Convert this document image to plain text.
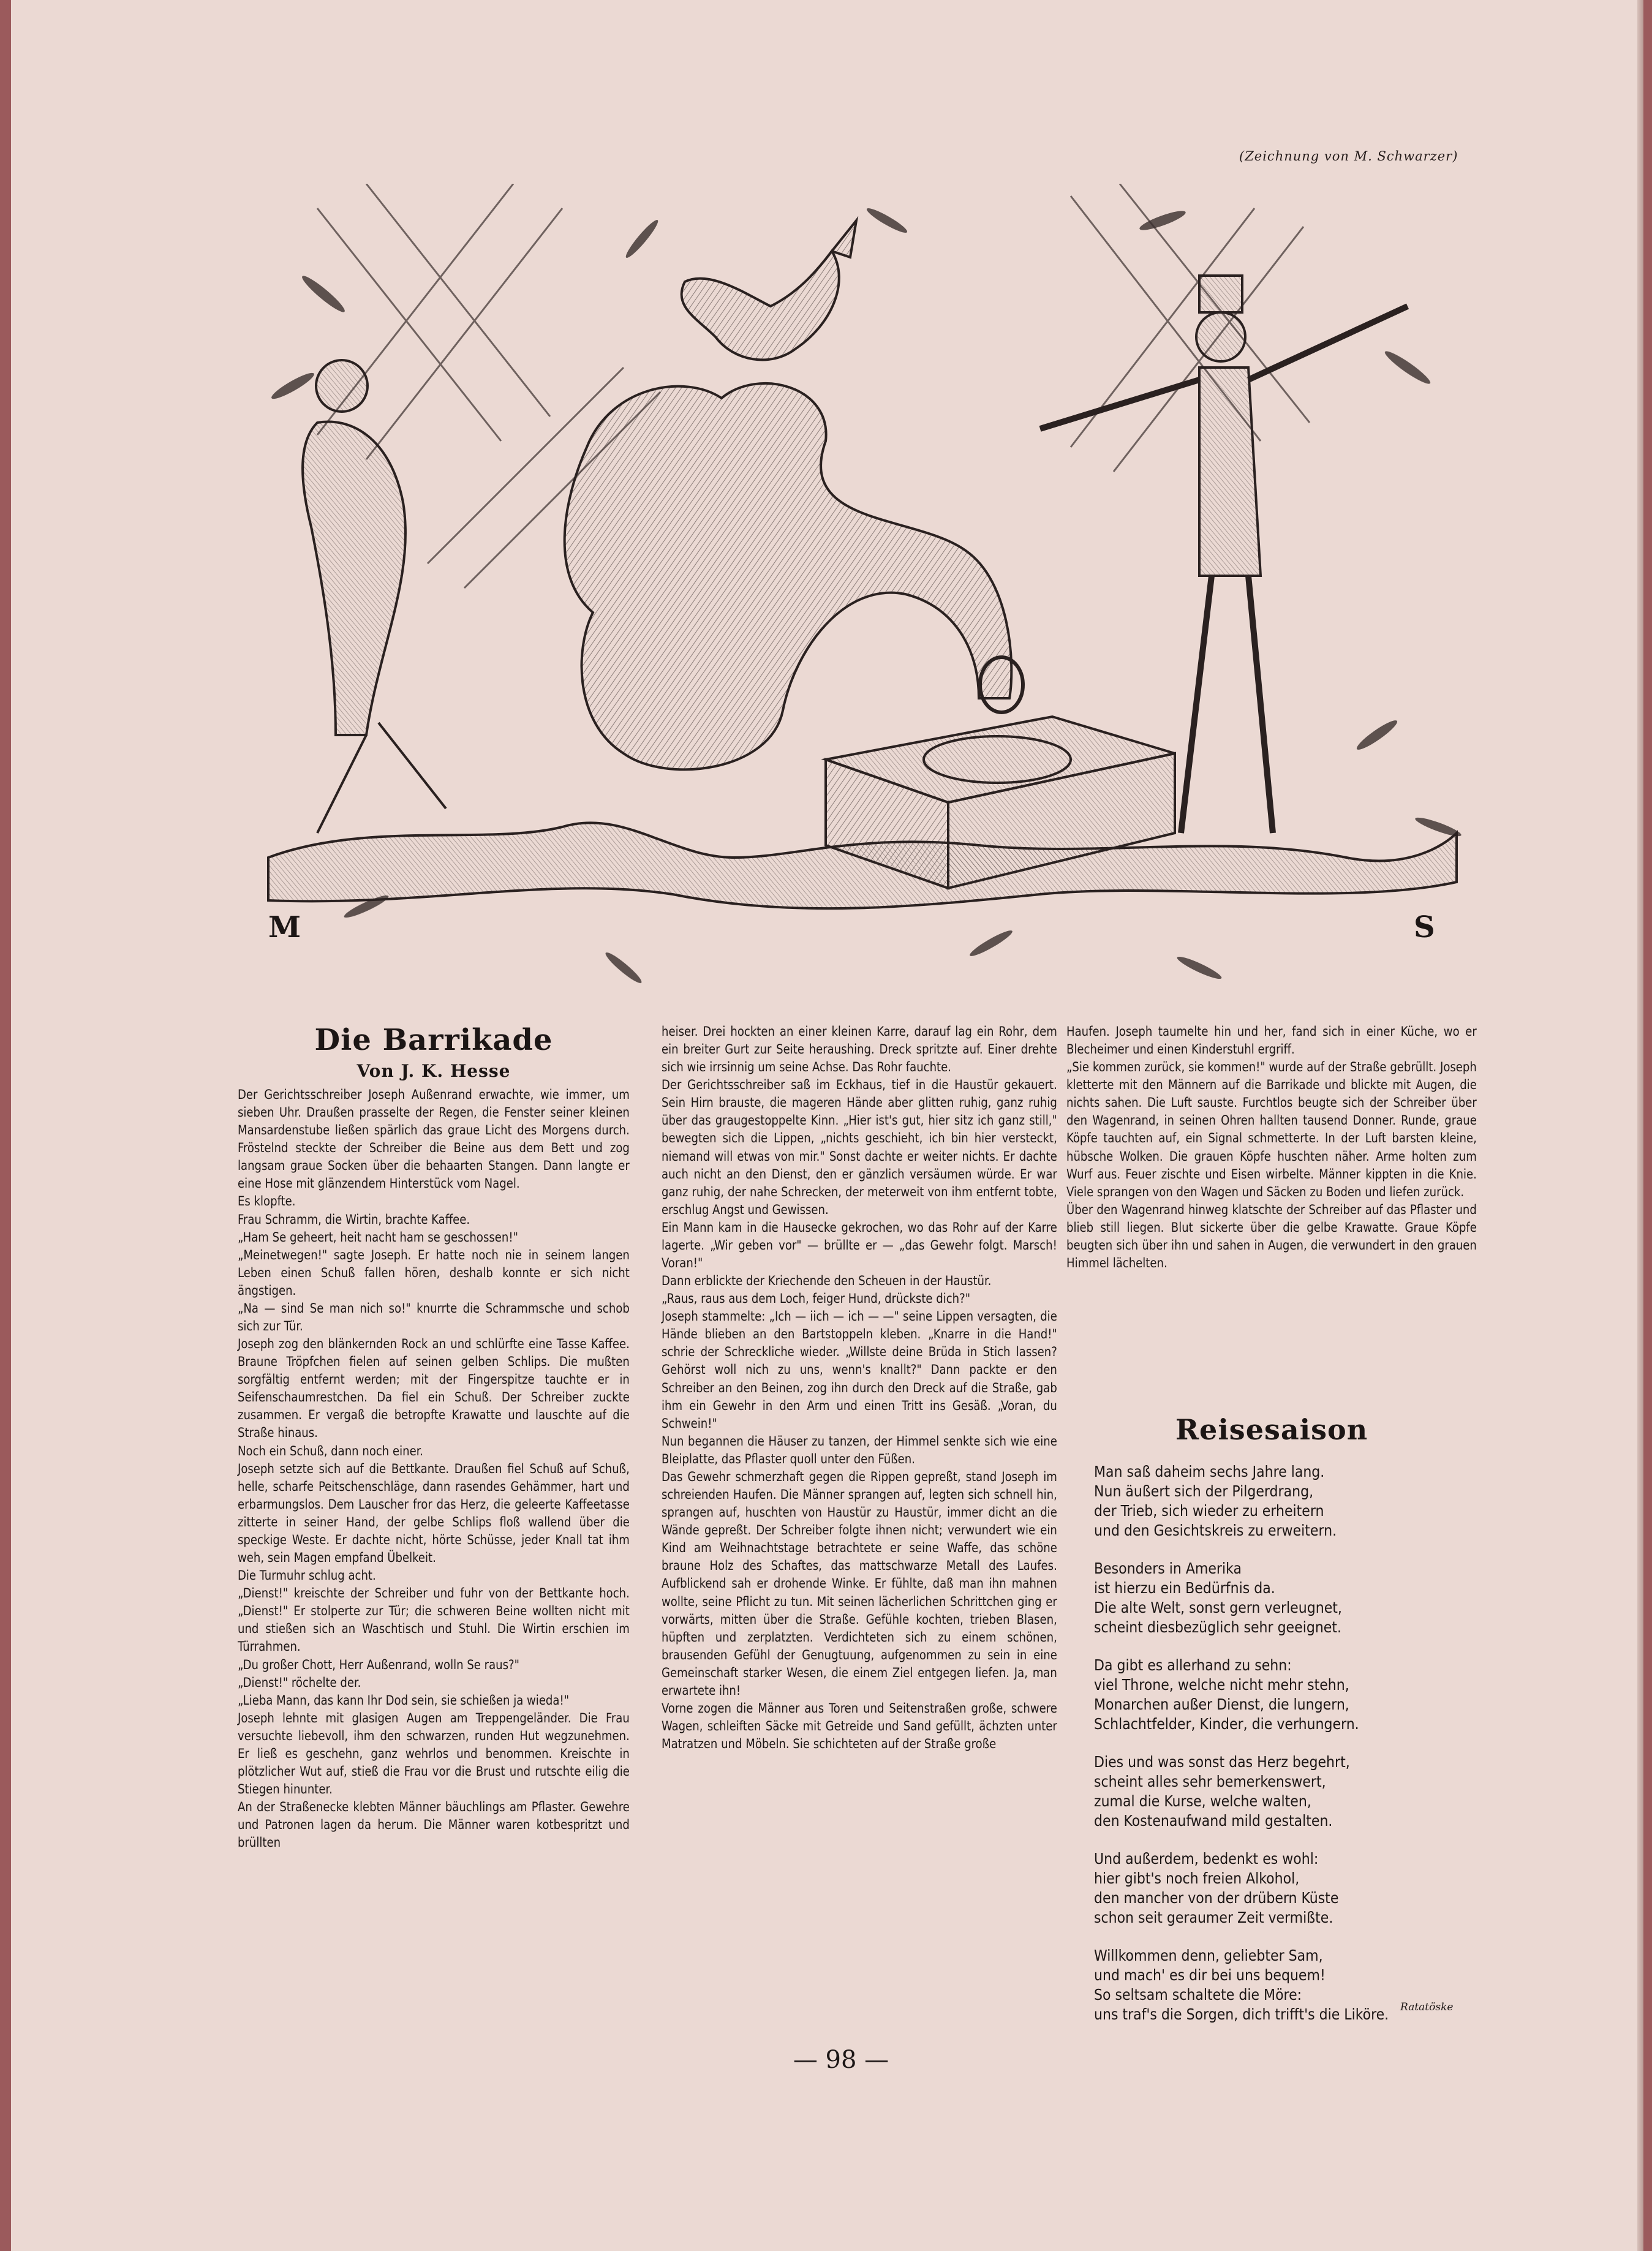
(Zeichnung von M. Schwarzer)
M	S
Die Barrikade
Von J. K. Hesse
Der Gerichtsschreiber Joseph Außenrand erwachte, wie immer, um sieben Uhr. Draußen prasselte der Regen, die Fenster seiner kleinen Mansardenstube ließen spärlich das graue Licht des Morgens durch. Fröstelnd steckte der Schreiber die Beine aus dem Bett und zog langsam graue Socken über die behaarten Stangen. Dann langte er eine Hose mit glänzendem Hinterstück vom Nagel.
Es klopfte.
Frau Schramm, die Wirtin, brachte Kaffee.
„Ham Se geheert, heit nacht ham se geschossen!"
„Meinetwegen!" sagte Joseph. Er hatte noch nie in seinem langen Leben einen Schuß fallen hören, deshalb konnte er sich nicht ängstigen.
„Na — sind Se man nich so!" knurrte die Schrammsche und schob sich zur Tür.
Joseph zog den blänkernden Rock an und schlürfte eine Tasse Kaffee. Braune Tröpfchen fielen auf seinen gelben Schlips. Die mußten sorgfältig entfernt werden; mit der Fingerspitze tauchte er in Seifenschaumrestchen. Da fiel ein Schuß. Der Schreiber zuckte zusammen. Er vergaß die betropfte Krawatte und lauschte auf die Straße hinaus.
Noch ein Schuß, dann noch einer.
Joseph setzte sich auf die Bettkante. Draußen fiel Schuß auf Schuß, helle, scharfe Peitschenschläge, dann rasendes Gehämmer, hart und erbarmungslos. Dem Lauscher fror das Herz, die geleerte Kaffeetasse zitterte in seiner Hand, der gelbe Schlips floß wallend über die speckige Weste. Er dachte nicht, hörte Schüsse, jeder Knall tat ihm weh, sein Magen empfand Übelkeit.
Die Turmuhr schlug acht.
„Dienst!" kreischte der Schreiber und fuhr von der Bettkante hoch. „Dienst!" Er stolperte zur Tür; die schweren Beine wollten nicht mit und stießen sich an Waschtisch und Stuhl. Die Wirtin erschien im Türrahmen.
„Du großer Chott, Herr Außenrand, wolln Se raus?"
„Dienst!" röchelte der.
„Lieba Mann, das kann Ihr Dod sein, sie schießen ja wieda!"
Joseph lehnte mit glasigen Augen am Treppengeländer. Die Frau versuchte liebevoll, ihm den schwarzen, runden Hut wegzunehmen. Er ließ es geschehn, ganz wehrlos und benommen. Kreischte in plötzlicher Wut auf, stieß die Frau vor die Brust und rutschte eilig die Stiegen hinunter.
An der Straßenecke klebten Männer bäuchlings am Pflaster. Gewehre und Patronen lagen da herum. Die Männer waren kotbespritzt und brüllten
heiser. Drei hockten an einer kleinen Karre, darauf lag ein Rohr, dem ein breiter Gurt zur Seite heraushing. Dreck spritzte auf. Einer drehte sich wie irrsinnig um seine Achse. Das Rohr fauchte.
Der Gerichtsschreiber saß im Eckhaus, tief in die Haustür gekauert. Sein Hirn brauste, die mageren Hände aber glitten ruhig, ganz ruhig über das graugestoppelte Kinn. „Hier ist's gut, hier sitz ich ganz still," bewegten sich die Lippen, „nichts geschieht, ich bin hier versteckt, niemand will etwas von mir." Sonst dachte er weiter nichts. Er dachte auch nicht an den Dienst, den er gänzlich versäumen würde. Er war ganz ruhig, der nahe Schrecken, der meterweit von ihm entfernt tobte, erschlug Angst und Gewissen.
Ein Mann kam in die Hausecke gekrochen, wo das Rohr auf der Karre lagerte. „Wir geben vor" — brüllte er — „das Gewehr folgt. Marsch! Voran!"
Dann erblickte der Kriechende den Scheuen in der Haustür.
„Raus, raus aus dem Loch, feiger Hund, drückste dich?"
Joseph stammelte: „Ich — iich — ich — —" seine Lippen versagten, die Hände blieben an den Bartstoppeln kleben. „Knarre in die Hand!" schrie der Schreckliche wieder. „Willste deine Brüda in Stich lassen? Gehörst woll nich zu uns, wenn's knallt?" Dann packte er den Schreiber an den Beinen, zog ihn durch den Dreck auf die Straße, gab ihm ein Gewehr in den Arm und einen Tritt ins Gesäß. „Voran, du Schwein!"
Nun begannen die Häuser zu tanzen, der Himmel senkte sich wie eine Bleiplatte, das Pflaster quoll unter den Füßen.
Das Gewehr schmerzhaft gegen die Rippen gepreßt, stand Joseph im schreienden Haufen. Die Männer sprangen auf, legten sich schnell hin, sprangen auf, huschten von Haustür zu Haustür, immer dicht an die Wände gepreßt. Der Schreiber folgte ihnen nicht; verwundert wie ein Kind am Weihnachtstage betrachtete er seine Waffe, das schöne braune Holz des Schaftes, das mattschwarze Metall des Laufes. Aufblickend sah er drohende Winke. Er fühlte, daß man ihn mahnen wollte, seine Pflicht zu tun. Mit seinen lächerlichen Schrittchen ging er vorwärts, mitten über die Straße. Gefühle kochten, trieben Blasen, hüpften und zerplatzten. Verdichteten sich zu einem schönen, brausenden Gefühl der Genugtuung, aufgenommen zu sein in eine Gemeinschaft starker Wesen, die einem Ziel entgegen liefen. Ja, man erwartete ihn!
Vorne zogen die Männer aus Toren und Seitenstraßen große, schwere Wagen, schleiften Säcke mit Getreide und Sand gefüllt, ächzten unter Matratzen und Möbeln. Sie schichteten auf der Straße große
Haufen. Joseph taumelte hin und her, fand sich in einer Küche, wo er Blecheimer und einen Kinderstuhl ergriff.
„Sie kommen zurück, sie kommen!" wurde auf der Straße gebrüllt. Joseph kletterte mit den Männern auf die Barrikade und blickte mit Augen, die nichts sahen. Die Luft sauste. Furchtlos beugte sich der Schreiber über den Wagenrand, in seinen Ohren hallten tausend Donner. Runde, graue Köpfe tauchten auf, ein Signal schmetterte. In der Luft barsten kleine, hübsche Wolken. Die grauen Köpfe huschten näher. Arme holten zum Wurf aus. Feuer zischte und Eisen wirbelte. Männer kippten in die Knie. Viele sprangen von den Wagen und Säcken zu Boden und liefen zurück.
Über den Wagenrand hinweg klatschte der Schreiber auf das Pflaster und blieb still liegen. Blut sickerte über die gelbe Krawatte. Graue Köpfe beugten sich über ihn und sahen in Augen, die verwundert in den grauen Himmel lächelten.
Reisesaison
Man saß daheim sechs Jahre lang.
Nun äußert sich der Pilgerdrang,
der Trieb, sich wieder zu erheitern
und den Gesichtskreis zu erweitern.
Besonders in Amerika
ist hierzu ein Bedürfnis da.
Die alte Welt, sonst gern verleugnet,
scheint diesbezüglich sehr geeignet.
Da gibt es allerhand zu sehn:
viel Throne, welche nicht mehr stehn,
Monarchen außer Dienst, die lungern,
Schlachtfelder, Kinder, die verhungern.
Dies und was sonst das Herz begehrt,
scheint alles sehr bemerkenswert,
zumal die Kurse, welche walten,
den Kostenaufwand mild gestalten.
Und außerdem, bedenkt es wohl:
hier gibt's noch freien Alkohol,
den mancher von der drübern Küste
schon seit geraumer Zeit vermißte.
Willkommen denn, geliebter Sam,
und mach' es dir bei uns bequem!
So seltsam schaltete die Möre:
uns traf's die Sorgen, dich trifft's die Liköre.	Ratatöske
— 98 —
